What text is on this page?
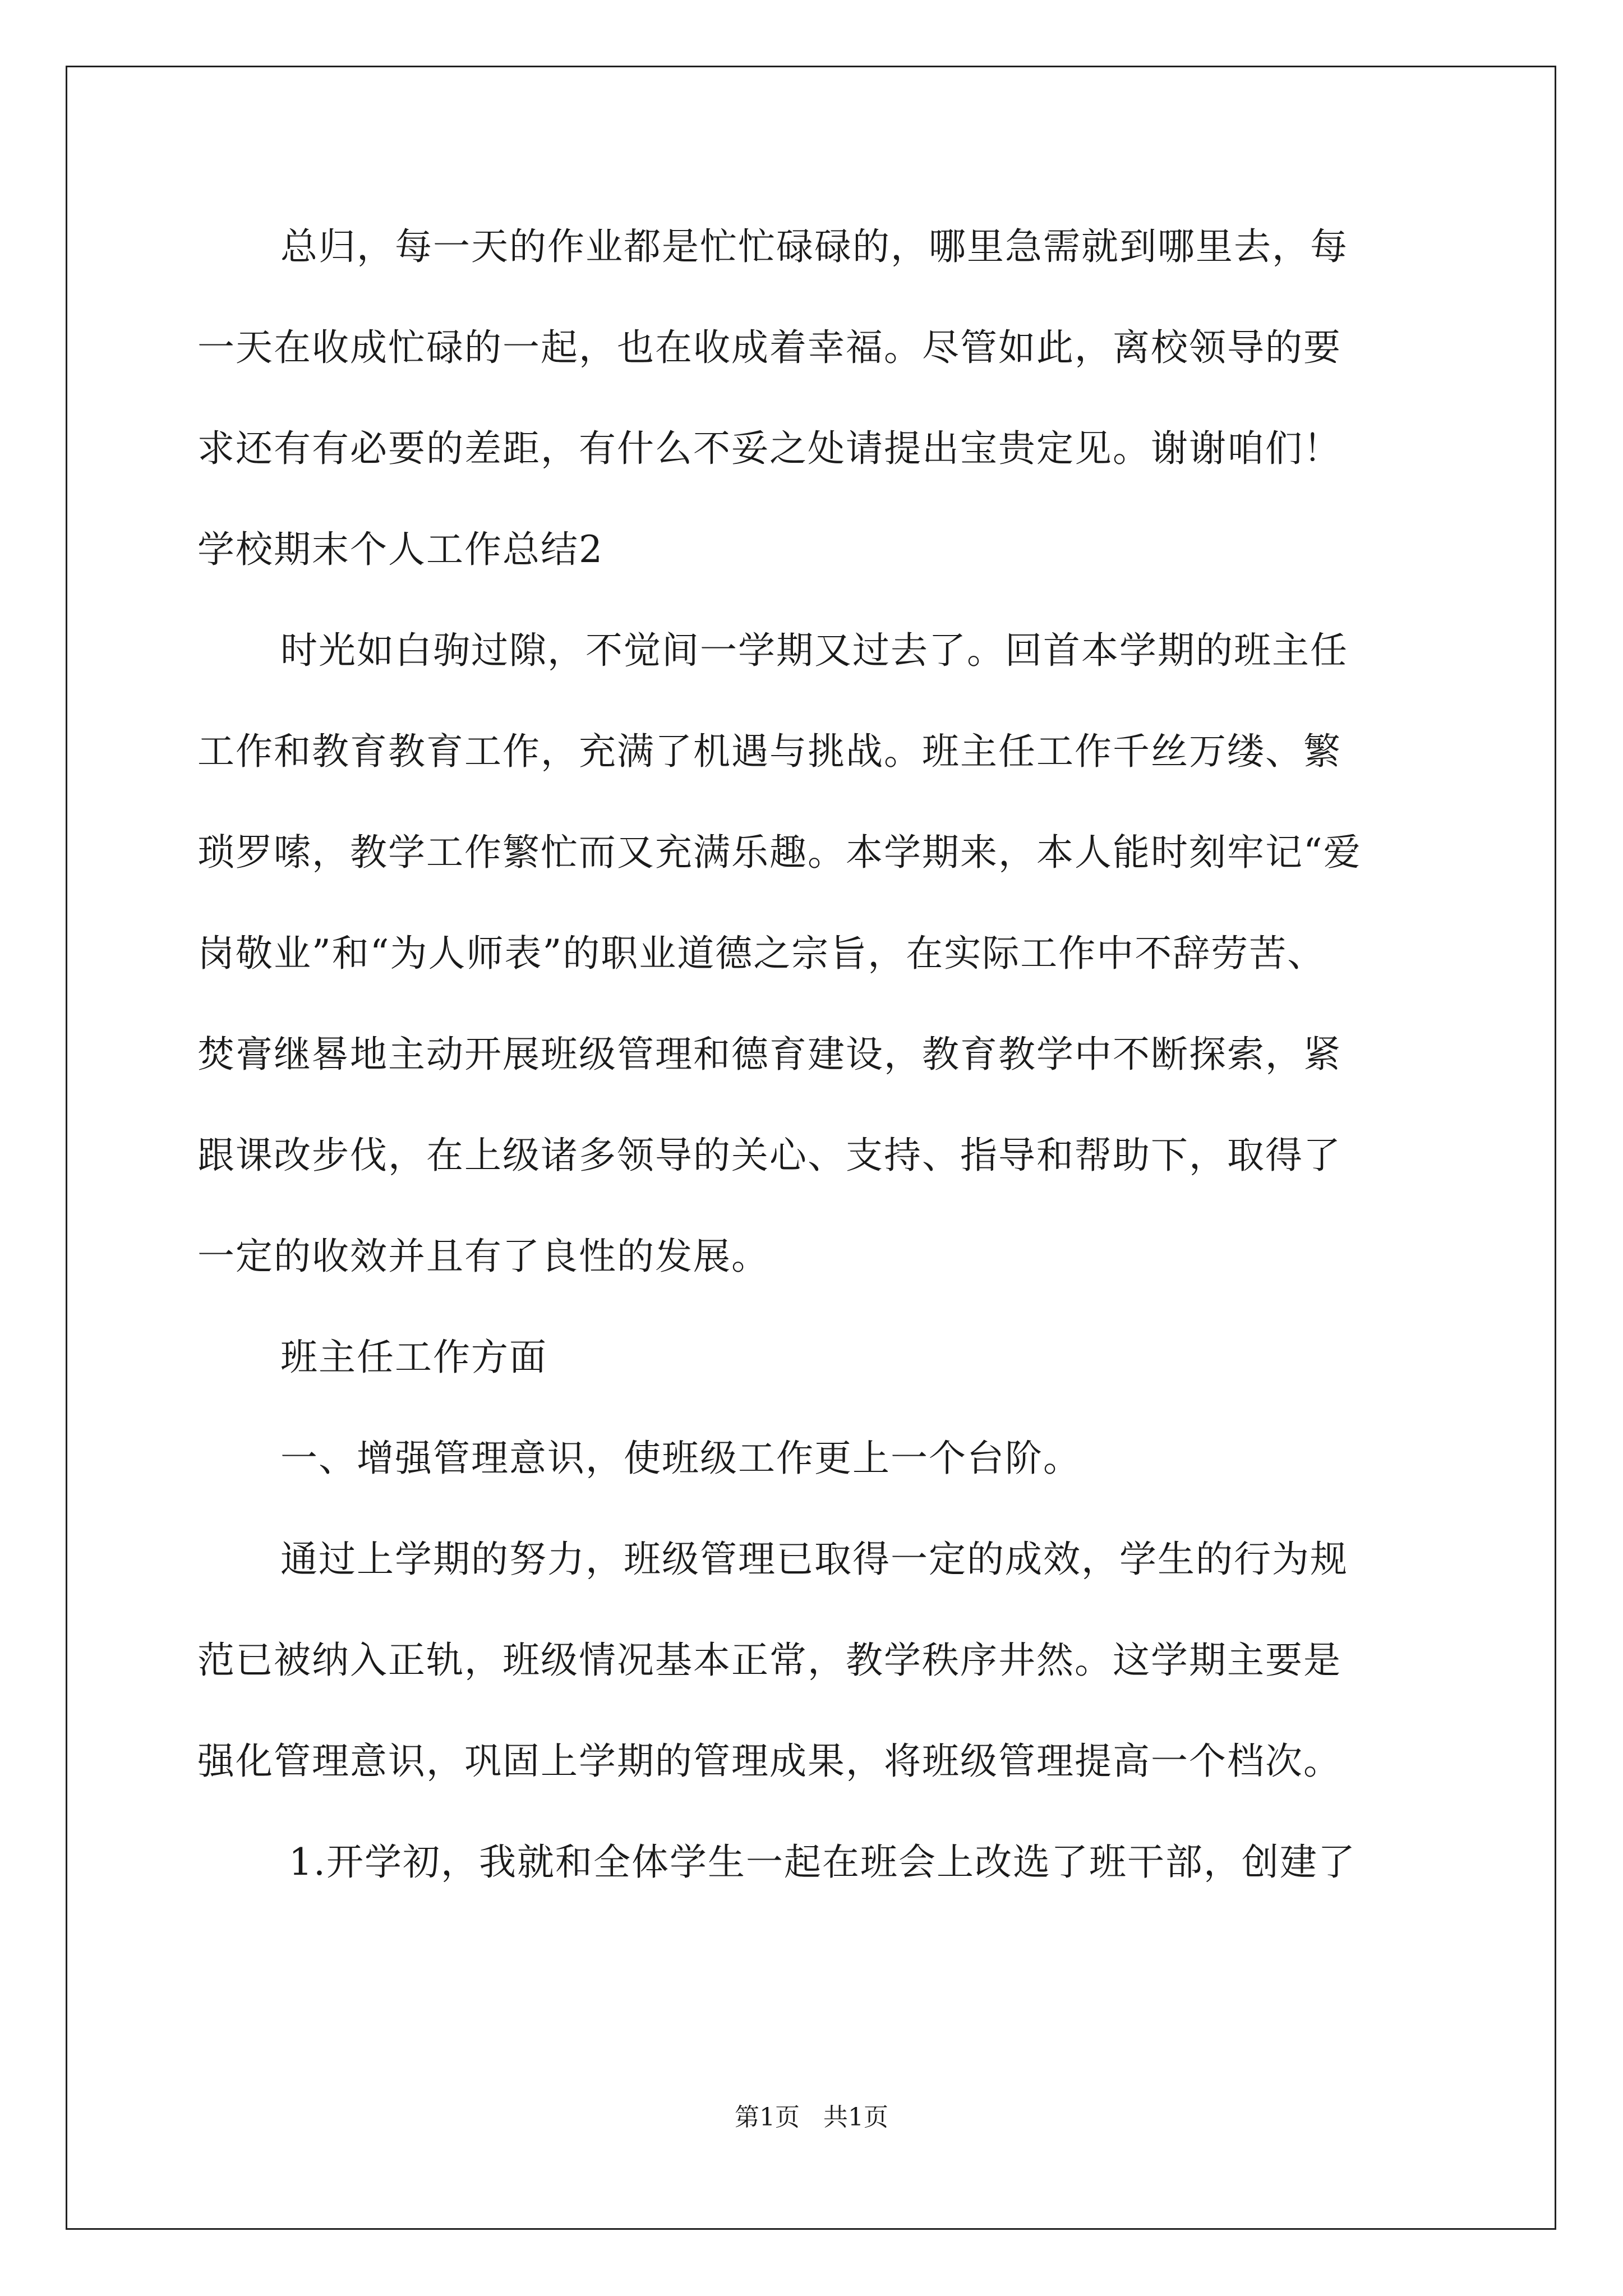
总归，每一天的作业都是忙忙碌碌的，哪里急需就到哪里去，每
一天在收成忙碌的一起，也在收成着幸福。尽管如此，离校领导的要
求还有有必要的差距，有什么不妥之处请提出宝贵定见。谢谢咱们！
学校期末个人工作总结2
时光如白驹过隙，不觉间一学期又过去了。回首本学期的班主任
工作和教育教育工作，充满了机遇与挑战。班主任工作千丝万缕、繁
琐罗嗦，教学工作繁忙而又充满乐趣。本学期来，本人能时刻牢记“爱
岗敬业”和“为人师表”的职业道德之宗旨，在实际工作中不辞劳苦、
焚膏继晷地主动开展班级管理和德育建设，教育教学中不断探索，紧
跟课改步伐，在上级诸多领导的关心、支持、指导和帮助下，取得了
一定的收效并且有了良性的发展。
班主任工作方面
一、增强管理意识，使班级工作更上一个台阶。
通过上学期的努力，班级管理已取得一定的成效，学生的行为规
范已被纳入正轨，班级情况基本正常，教学秩序井然。这学期主要是
强化管理意识，巩固上学期的管理成果，将班级管理提高一个档次。
1.开学初，我就和全体学生一起在班会上改选了班干部，创建了
第1页   共1页
